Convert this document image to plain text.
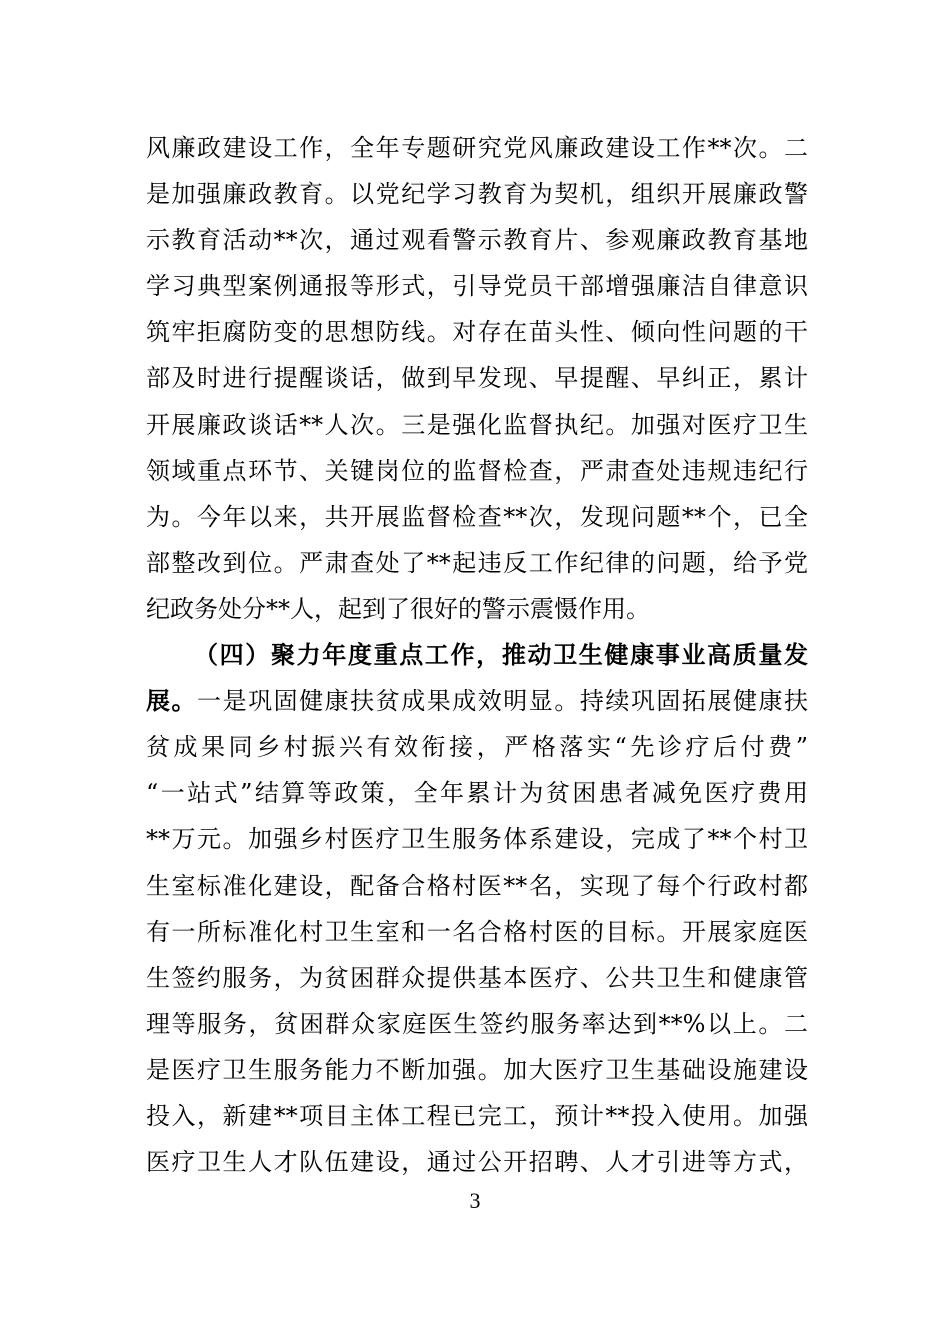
风廉政建设工作，全年专题研究党风廉政建设工作**次。二
是加强廉政教育。以党纪学习教育为契机，组织开展廉政警
示教育活动**次，通过观看警示教育片、参观廉政教育基地
学习典型案例通报等形式，引导党员干部增强廉洁自律意识
筑牢拒腐防变的思想防线。对存在苗头性、倾向性问题的干
部及时进行提醒谈话，做到早发现、早提醒、早纠正，累计
开展廉政谈话**人次。三是强化监督执纪。加强对医疗卫生
领域重点环节、关键岗位的监督检查，严肃查处违规违纪行
为。今年以来，共开展监督检查**次，发现问题**个，已全
部整改到位。严肃查处了**起违反工作纪律的问题，给予党
纪政务处分**人，起到了很好的警示震慑作用。
（四）聚力年度重点工作，推动卫生健康事业高质量发
展。一是巩固健康扶贫成果成效明显。持续巩固拓展健康扶
贫成果同乡村振兴有效衔接，严格落实“先诊疗后付费”
“一站式”结算等政策，全年累计为贫困患者减免医疗费用
**万元。加强乡村医疗卫生服务体系建设，完成了**个村卫
生室标准化建设，配备合格村医**名，实现了每个行政村都
有一所标准化村卫生室和一名合格村医的目标。开展家庭医
生签约服务，为贫困群众提供基本医疗、公共卫生和健康管
理等服务，贫困群众家庭医生签约服务率达到**%以上。二
是医疗卫生服务能力不断加强。加大医疗卫生基础设施建设
投入，新建**项目主体工程已完工，预计**投入使用。加强
医疗卫生人才队伍建设，通过公开招聘、人才引进等方式，
3
